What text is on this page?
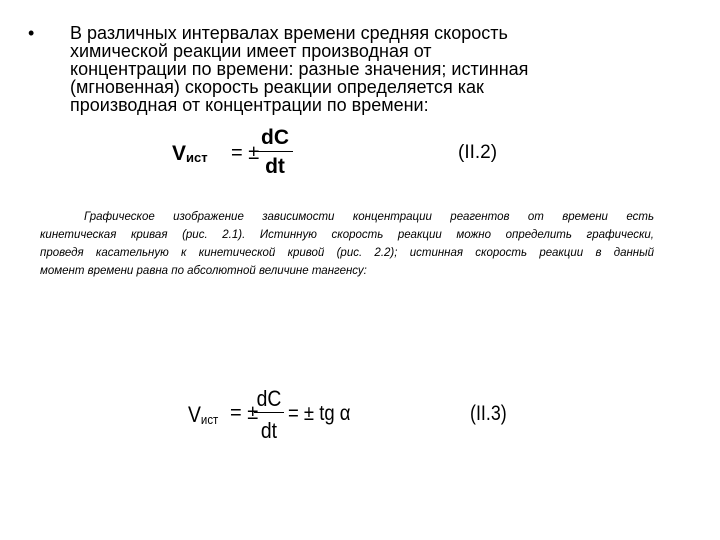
•	В различных интервалах времени средняя скорость
химической реакции имеет производная от
концентрации по времени: разные значения; истинная
(мгновенная) скорость реакции определяется как
производная от концентрации по времени:
$V_{ист}$ = ±
dC
dt
(II.2)
Графическое изображение зависимости концентрации реагентов от времени есть
кинетическая кривая (рис. 2.1). Истинную скорость реакции можно определить графически,
проведя касательную к кинетической кривой (рис. 2.2); истинная скорость реакции в данный
момент времени равна по абсолютной величине тангенсу:
$V_{ист}$ = ±
dC
dt
= ± tg α	(II.3)
